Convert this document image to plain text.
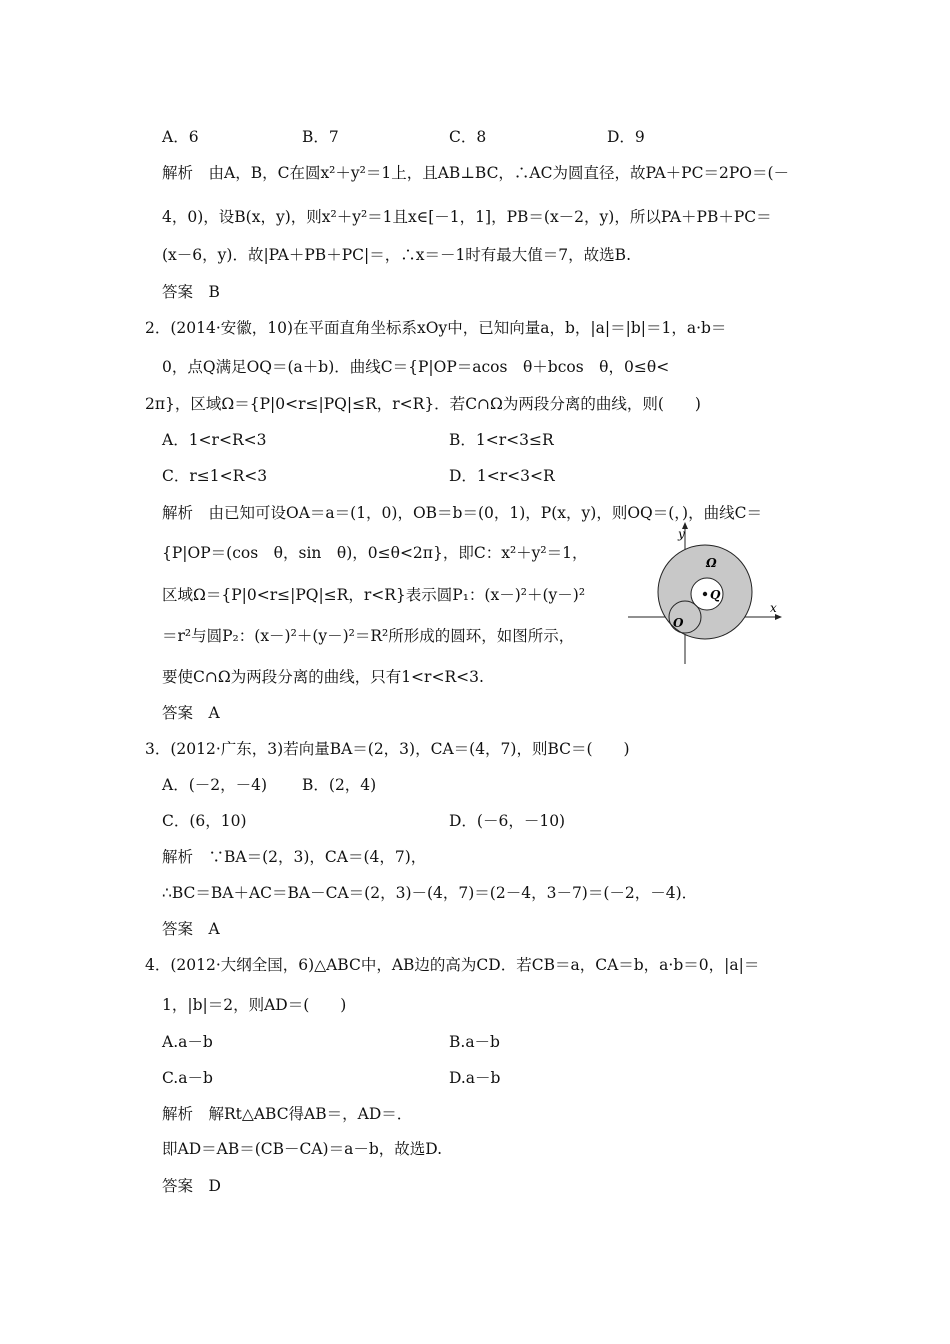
A．6	B．7	C．8	D．9
解析　由A，B，C在圆x²＋y²＝1上，且AB⊥BC，∴AC为圆直径，故PA＋PC＝2PO＝(－
4，0)，设B(x，y)，则x²＋y²＝1且x∈[－1，1]，PB＝(x－2，y)，所以PA＋PB＋PC＝
(x－6，y)．故|PA＋PB＋PC|＝，∴x＝－1时有最大值＝7，故选B.
答案　B
2．(2014·安徽，10)在平面直角坐标系xOy中，已知向量a，b，|a|＝|b|＝1，a·b＝
0，点Q满足OQ＝(a＋b)．曲线C＝{P|OP＝acos　θ＋bcos　θ，0≤θ<
2π}，区域Ω＝{P|0<r≤|PQ|≤R，r<R}．若C∩Ω为两段分离的曲线，则(　　)
A．1<r<R<3	B．1<r<3≤R
C．r≤1<R<3	D．1<r<3<R
解析　由已知可设OA＝a＝(1，0)，OB＝b＝(0，1)，P(x，y)，则OQ＝(，)，曲线C＝
{P|OP＝(cos　θ，sin　θ)，0≤θ<2π}，即C：x²＋y²＝1，
区域Ω＝{P|0<r≤|PQ|≤R，r<R}表示圆P₁：(x－)²＋(y－)²
＝r²与圆P₂：(x－)²＋(y－)²＝R²所形成的圆环，如图所示，
要使C∩Ω为两段分离的曲线，只有1<r<R<3.
答案　A
y
x
Ω
Q
O
3．(2012·广东，3)若向量BA＝(2，3)，CA＝(4，7)，则BC＝(　　)
A．(－2，－4) B．(2，4)
C．(6，10)	D．(－6，－10)
解析　∵BA＝(2，3)，CA＝(4，7)，
∴BC＝BA＋AC＝BA－CA＝(2，3)－(4，7)＝(2－4，3－7)＝(－2，－4)．
答案　A
4．(2012·大纲全国，6)△ABC中，AB边的高为CD．若CB＝a，CA＝b，a·b＝0，|a|＝
1，|b|＝2，则AD＝(　　)
A.a－b	B.a－b
C.a－b	D.a－b
解析　解Rt△ABC得AB＝，AD＝．
即AD＝AB＝(CB－CA)＝a－b，故选D.
答案　D
